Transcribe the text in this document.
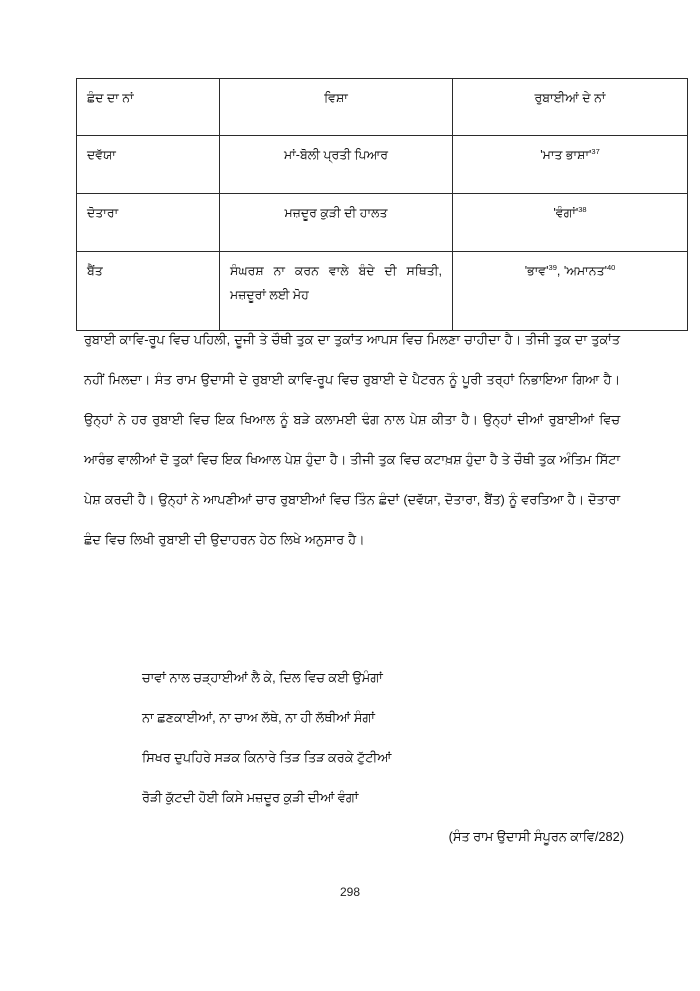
ਛੰਦ ਦਾ ਨਾਂ	ਵਿਸ਼ਾ	ਰੁਬਾਈਆਂ ਦੇ ਨਾਂ
ਦਵੱਯਾ	ਮਾਂ-ਬੋਲੀ ਪ੍ਰਤੀ ਪਿਆਰ	'ਮਾਤ $ਭਾਸ਼ਾ'^{37}$
ਦੋਤਾਰਾ	ਮਜ਼ਦੂਰ ਕੁੜੀ ਦੀ ਹਾਲਤ	'$ਵੰਗਾਂ'^{38}$
ਬੈਂਤ	ਸੰਘਰਸ਼ ਨਾ ਕਰਨ ਵਾਲੇ ਬੰਦੇ ਦੀ ਸਥਿਤੀ, ਮਜ਼ਦੂਰਾਂ ਲਈ ਮੋਹ	'$ਭਾਵ'^{39}$, '$ਅਮਾਨਤ'^{40}$
ਰੁਬਾਈ ਕਾਵਿ-ਰੂਪ ਵਿਚ ਪਹਿਲੀ, ਦੂਜੀ ਤੇ ਚੌਥੀ ਤੁਕ ਦਾ ਤੁਕਾਂਤ ਆਪਸ ਵਿਚ ਮਿਲਣਾ ਚਾਹੀਦਾ ਹੈ। ਤੀਜੀ ਤੁਕ ਦਾ ਤੁਕਾਂਤ ਨਹੀਂ ਮਿਲਦਾ। ਸੰਤ ਰਾਮ ਉਦਾਸੀ ਦੇ ਰੁਬਾਈ ਕਾਵਿ-ਰੂਪ ਵਿਚ ਰੁਬਾਈ ਦੇ ਪੈਟਰਨ ਨੂੰ ਪੂਰੀ ਤਰ੍ਹਾਂ ਨਿਭਾਇਆ ਗਿਆ ਹੈ। ਉਨ੍ਹਾਂ ਨੇ ਹਰ ਰੁਬਾਈ ਵਿਚ ਇਕ ਖਿਆਲ ਨੂੰ ਬੜੇ ਕਲਾਮਈ ਢੰਗ ਨਾਲ ਪੇਸ਼ ਕੀਤਾ ਹੈ। ਉਨ੍ਹਾਂ ਦੀਆਂ ਰੁਬਾਈਆਂ ਵਿਚ ਆਰੰਭ ਵਾਲੀਆਂ ਦੋ ਤੁਕਾਂ ਵਿਚ ਇਕ ਖਿਆਲ ਪੇਸ਼ ਹੁੰਦਾ ਹੈ। ਤੀਜੀ ਤੁਕ ਵਿਚ ਕਟਾਖ਼ਸ਼ ਹੁੰਦਾ ਹੈ ਤੇ ਚੌਥੀ ਤੁਕ ਅੰਤਿਮ ਸਿੱਟਾ ਪੇਸ਼ ਕਰਦੀ ਹੈ। ਉਨ੍ਹਾਂ ਨੇ ਆਪਣੀਆਂ ਚਾਰ ਰੁਬਾਈਆਂ ਵਿਚ ਤਿੰਨ ਛੰਦਾਂ (ਦਵੱਯਾ, ਦੋਤਾਰਾ, ਬੈਂਤ) ਨੂੰ ਵਰਤਿਆ ਹੈ। ਦੋਤਾਰਾ ਛੰਦ ਵਿਚ ਲਿਖੀ ਰੁਬਾਈ ਦੀ ਉਦਾਹਰਨ ਹੇਠ ਲਿਖੇ ਅਨੁਸਾਰ ਹੈ।
ਚਾਵਾਂ ਨਾਲ ਚੜ੍ਹਾਈਆਂ ਲੈ ਕੇ, ਦਿਲ ਵਿਚ ਕਈ ਉਮੰਗਾਂ
ਨਾ ਛਣਕਾਈਆਂ, ਨਾ ਚਾਅ ਲੱਥੇ, ਨਾ ਹੀ ਲੱਥੀਆਂ ਸੰਗਾਂ
ਸਿਖਰ ਦੁਪਹਿਰੇ ਸੜਕ ਕਿਨਾਰੇ ਤਿੜ ਤਿੜ ਕਰਕੇ ਟੁੱਟੀਆਂ
ਰੋੜੀ ਕੁੱਟਦੀ ਹੋਈ ਕਿਸੇ ਮਜ਼ਦੂਰ ਕੁੜੀ ਦੀਆਂ ਵੰਗਾਂ
(ਸੰਤ ਰਾਮ ਉਦਾਸੀ ਸੰਪੂਰਨ ਕਾਵਿ/282)
298
